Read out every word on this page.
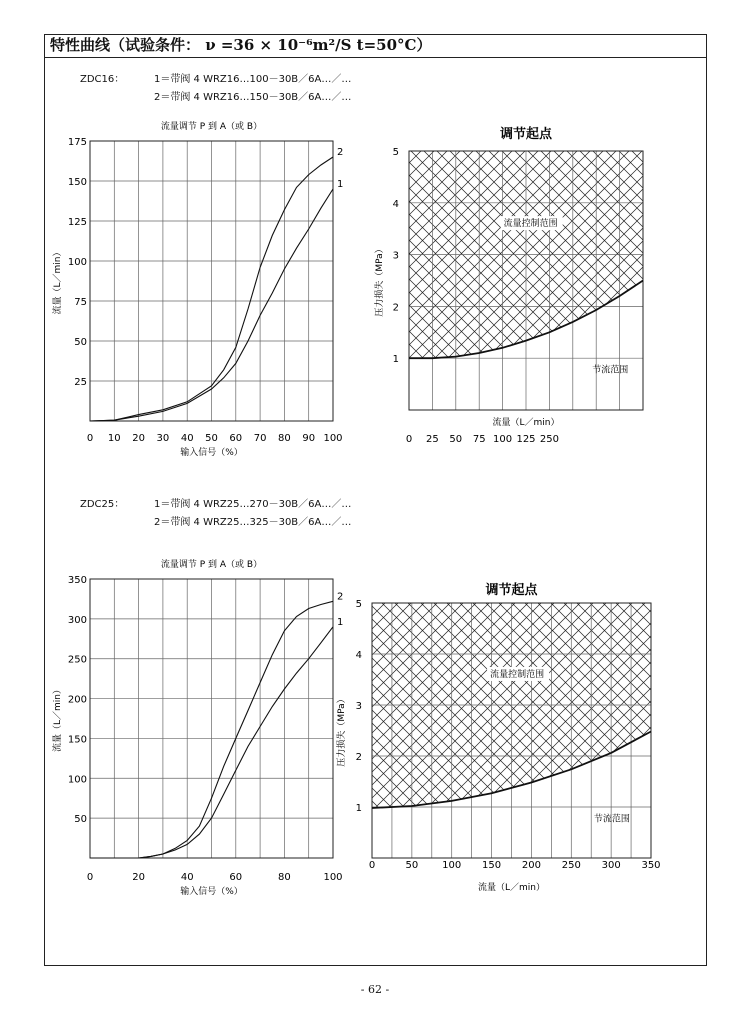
特性曲线（试验条件： ν =36 × 10⁻⁶m²/S t=50°C）
ZDC16：	1＝带阀 4 WRZ16…100－30B／6A…／…
2＝带阀 4 WRZ16…150－30B／6A…／…
ZDC25：	1＝带阀 4 WRZ25…270－30B／6A…／…
2＝带阀 4 WRZ25…325－30B／6A…／…
1
2
25
50
75
100
125
150
175
0 10 20 30 40 50 60 70 80 90 100
流量调节 P 到 A（或 B）
输入信号（%）
流量（L／min）
1
2
3
4
5
0 25 50 75 100 125 250
调节起点
流量（L／min）
压力损失（MPa）
流量控制范围
节流范围
1
2
50
100
150
200
250
300
350
0	20	40	60	80	100
流量调节 P 到 A（或 B）
输入信号（%）
流量（L／min）
1
2
3
4
5
0	50 100 150 200 250 300 350
调节起点
流量（L／min）
压力损失（MPa）
流量控制范围
节流范围
- 62 -
